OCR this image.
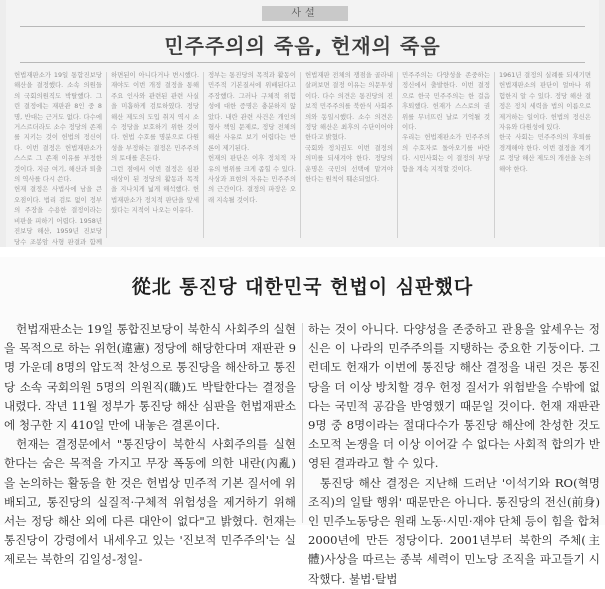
사설
민주주의의 죽음, 헌재의 죽음

헌법재판소가 19일 통합진보당 해산을 결정했다. 소속 의원들의 국회의원직도 박탈했다. 그린 결정에는 재판관 8인 중 8명, 반대는 근거도 없다. 다수에 거스르더라도 소수 정당의 존재를 지키는 것이 헌법의 정신이다. 이번 결정은 헌법재판소가 스스로 그 존재 이유를 부정한 것이다. 지금 여기, 해산과 퇴출의 역사를 다시 쓴다.

헌재 결정은 사법사에 남을 큰 오점이다. 법리 검토 없이 정부의 주장을 수용한 결정이라는 비판을 피하기 어렵다. 1958년 진보당 해산, 1959년 진보당 당수 조봉암 사형 판결과 함께

하면된이 아니다거나 변시했다. 재야도 이번 개정 결정을 통해 주요 인사와 관련된 관련 사실을 미흡하게 검토하였다. 정당 해산 제도의 도입 취지 역시 소수 정당을 보호하기 위한 것이다. 헌법 수호를 명분으로 다원성을 부정하는 결정은 민주주의의 토대를 흔든다.

그런 점에서 이번 결정은 심판 대상이 된 정당의 활동과 목적을 지나치게 넓게 해석했다. 헌법재판소가 정치적 판단을 앞세웠다는 지적이 나오는 이유다.

정부는 통진당의 목적과 활동이 민주적 기본질서에 위배된다고 주장했다. 그러나 구체적 위험성에 대한 증명은 충분하지 않았다. 내란 관련 사건은 개인의 형사 책임 문제로, 정당 전체의 해산 사유로 보기 어렵다는 반론이 제기된다.

헌재의 판단은 이후 정치적 자유의 범위를 크게 좁힐 수 있다. 사상과 표현의 자유는 민주주의의 근간이다. 결정의 파장은 오래 지속될 것이다.

헌법재판 전체의 쟁점을 골라내 살펴보면 결정 이유는 의문투성이다. 다수 의견은 통진당의 진보적 민주주의를 북한식 사회주의와 동일시했다. 소수 의견은 정당 해산은 최후의 수단이어야 한다고 밝혔다.

국회와 정치권도 이번 결정의 의미를 되새겨야 한다. 정당의 운명은 국민의 선택에 맡겨야 한다는 원칙이 훼손되었다.

민주주의는 다양성을 존중하는 정신에서 출발한다. 이번 결정으로 한국 민주주의는 한 걸음 후퇴했다. 헌재가 스스로의 권위를 무너뜨린 날로 기억될 것이다.

우리는 헌법재판소가 민주주의의 수호자로 돌아오기를 바란다. 시민사회는 이 결정의 부당함을 계속 지적할 것이다.

1961년 결정의 실례를 되새기면 헌법재판소의 판단이 얼마나 위험한지 알 수 있다. 정당 해산 결정은 정치 세력을 법의 이름으로 제거하는 일이다. 헌법의 정신은 자유와 다원성에 있다.

한국 사회는 민주주의의 후퇴를 경계해야 한다. 이번 결정을 계기로 정당 해산 제도의 개선을 논의해야 한다.

從北 통진당 대한민국 헌법이 심판했다

헌법재판소는 19일 통합진보당이 북한식 사회주의 실현을 목적으로 하는 위헌(違憲) 정당에 해당한다며 재판관 9명 가운데 8명의 압도적 찬성으로 통진당을 해산하고 통진당 소속 국회의원 5명의 의원직(職)도 박탈한다는 결정을 내렸다. 작년 11월 정부가 통진당 해산 심판을 헌법재판소에 청구한 지 410일 만에 내놓은 결론이다.

헌재는 결정문에서 "통진당이 북한식 사회주의를 실현한다는 숨은 목적을 가지고 무장 폭동에 의한 내란(內亂)을 논의하는 활동을 한 것은 헌법상 민주적 기본 질서에 위배되고, 통진당의 실질적·구체적 위험성을 제거하기 위해서는 정당 해산 외에 다른 대안이 없다"고 밝혔다. 헌재는 통진당이 강령에서 내세우고 있는 '진보적 민주주의'는 실제로는 북한의 김일성-정일-

하는 것이 아니다. 다양성을 존중하고 관용을 앞세우는 정신은 이 나라의 민주주의를 지탱하는 중요한 기둥이다. 그런데도 헌재가 이번에 통진당 해산 결정을 내린 것은 통진당을 더 이상 방치할 경우 헌정 질서가 위험받을 수밖에 없다는 국민적 공감을 반영했기 때문일 것이다. 헌재 재판관 9명 중 8명이라는 절대다수가 통진당 해산에 찬성한 것도 소모적 논쟁을 더 이상 이어갈 수 없다는 사회적 합의가 반영된 결과라고 할 수 있다.

통진당 해산 결정은 지난해 드러난 '이석기와 RO(혁명 조직)의 일탈 행위' 때문만은 아니다. 통진당의 전신(前身)인 민주노동당은 원래 노동·시민·재야 단체 등이 힘을 합쳐 2000년에 만든 정당이다. 2001년부터 북한의 주체(主體)사상을 따르는 종북 세력이 민노당 조직을 파고들기 시작했다. 불법·탈법
